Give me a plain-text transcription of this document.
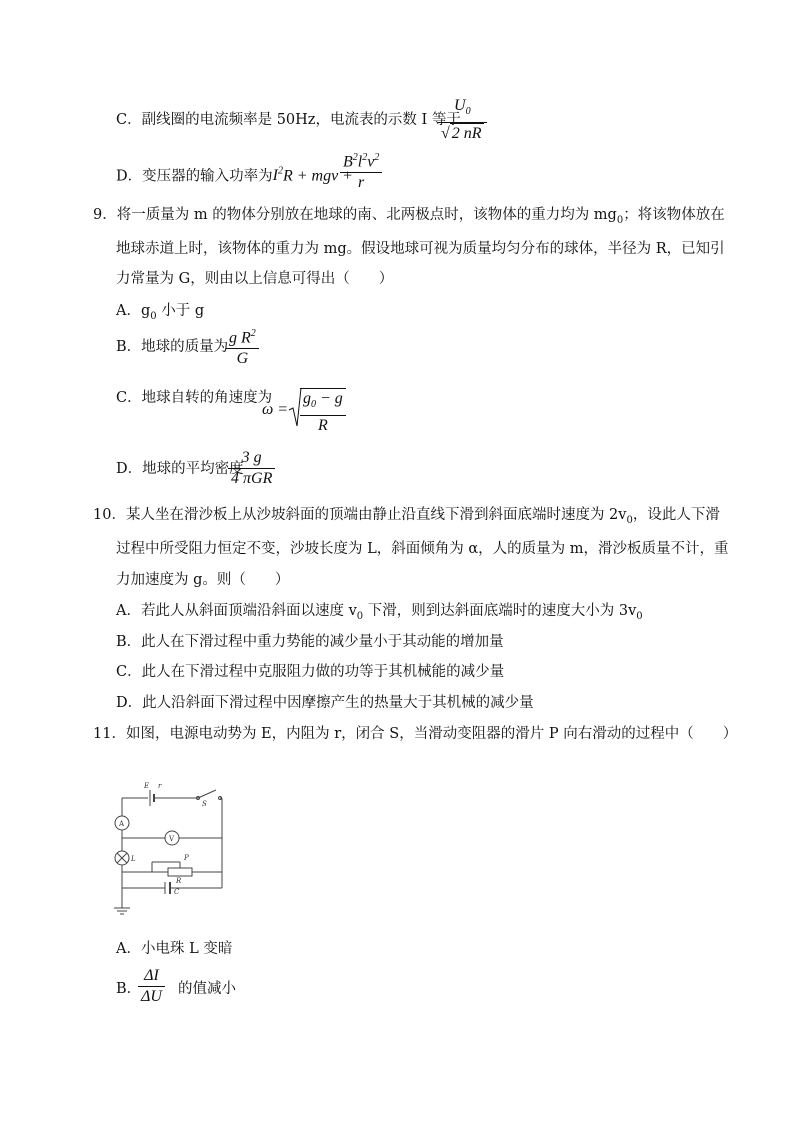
C．副线圈的电流频率是 50Hz，电流表的示数 I 等于
$\frac{U_0}{√ 2 nR}$
D．变压器的输入功率为$I^2R$ + mgv +
$\frac{B^2l^2v^2}{r}$
9．将一质量为 m 的物体分别放在地球的南、北两极点时，该物体的重力均为 $mg_0$；将该物体放在
地球赤道上时，该物体的重力为 mg。假设地球可视为质量均匀分布的球体，半径为 R，已知引
力常量为 G，则由以上信息可得出（　　）
A．$g_0$ 小于 g
B．地球的质量为
$\frac{g R^2}{G}$
C．地球自转的角速度为
$\omega = \frac{g_0 - g}{R}$
D．地球的平均密度
3 g
4 πGR
10．某人坐在滑沙板上从沙坡斜面的顶端由静止沿直线下滑到斜面底端时速度为 $2v_0$，设此人下滑
过程中所受阻力恒定不变，沙坡长度为 L，斜面倾角为 α，人的质量为 m，滑沙板质量不计，重
力加速度为 g。则（　　）
A．若此人从斜面顶端沿斜面以速度 $v_0$ 下滑，则到达斜面底端时的速度大小为 $3v_0$
B．此人在下滑过程中重力势能的减少量小于其动能的增加量
C．此人在下滑过程中克服阻力做的功等于其机械能的减少量
D．此人沿斜面下滑过程中因摩擦产生的热量大于其机械的减少量
11．如图，电源电动势为 E，内阻为 r，闭合 S，当滑动变阻器的滑片 P 向右滑动的过程中（　　）
E r
S
A
V
L	P
R
C
A．小电珠 L 变暗
B．
$\frac{\Delta I}{\Delta U}$ 的值减小
